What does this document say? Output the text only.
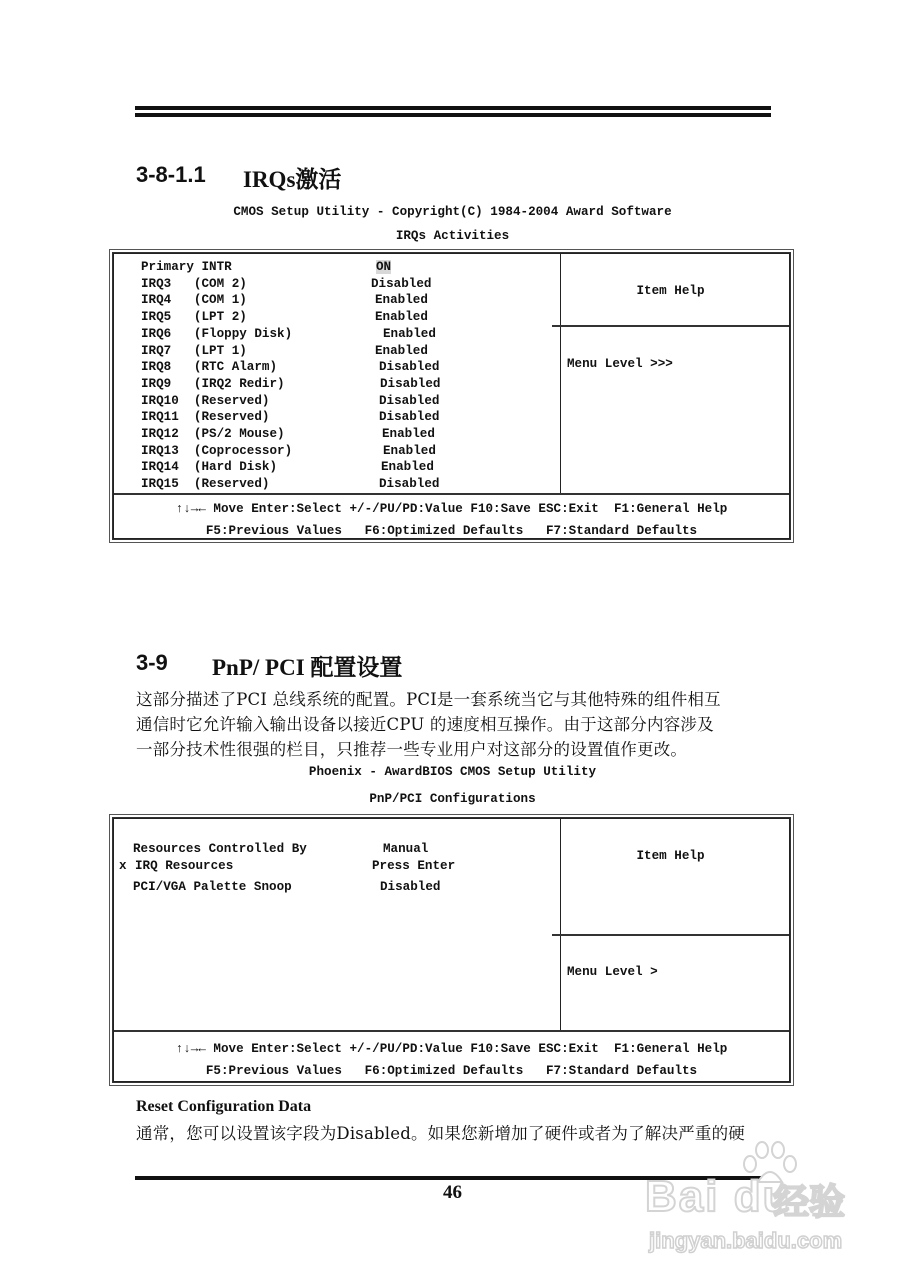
3-8-1.1 IRQs激活
CMOS Setup Utility - Copyright(C) 1984-2004 Award Software
IRQs Activities
Primary INTR	ON
IRQ3   (COM 2)	Disabled
IRQ4   (COM 1)	Enabled
IRQ5   (LPT 2)	Enabled
IRQ6   (Floppy Disk)	Enabled
IRQ7   (LPT 1)	Enabled
IRQ8   (RTC Alarm)	Disabled
IRQ9   (IRQ2 Redir)	Disabled
IRQ10  (Reserved)	Disabled
IRQ11  (Reserved)	Disabled
IRQ12  (PS/2 Mouse)	Enabled
IRQ13  (Coprocessor)	Enabled
IRQ14  (Hard Disk)	Enabled
IRQ15  (Reserved)	Disabled
Item Help
Menu Level >>>
↑↓→← Move Enter:Select +/-/PU/PD:Value F10:Save ESC:Exit  F1:General Help
F5:Previous Values   F6:Optimized Defaults   F7:Standard Defaults
3-9 PnP/ PCI 配置设置
这部分描述了PCI 总线系统的配置。PCI是一套系统当它与其他特殊的组件相互
通信时它允许输入输出设备以接近CPU 的速度相互操作。由于这部分内容涉及
一部分技术性很强的栏目，只推荐一些专业用户对这部分的设置值作更改。
Phoenix - AwardBIOS CMOS Setup Utility
PnP/PCI Configurations

Resources Controlled By	Manual
x IRQ Resources	Press Enter

PCI/VGA Palette Snoop	Disabled
Item Help
Menu Level >
↑↓→← Move Enter:Select +/-/PU/PD:Value F10:Save ESC:Exit  F1:General Help
F5:Previous Values   F6:Optimized Defaults   F7:Standard Defaults
Reset Configuration Data
通常，您可以设置该字段为Disabled。如果您新增加了硬件或者为了解决严重的硬
46	Bai du
经验
jingyan.baidu.com
